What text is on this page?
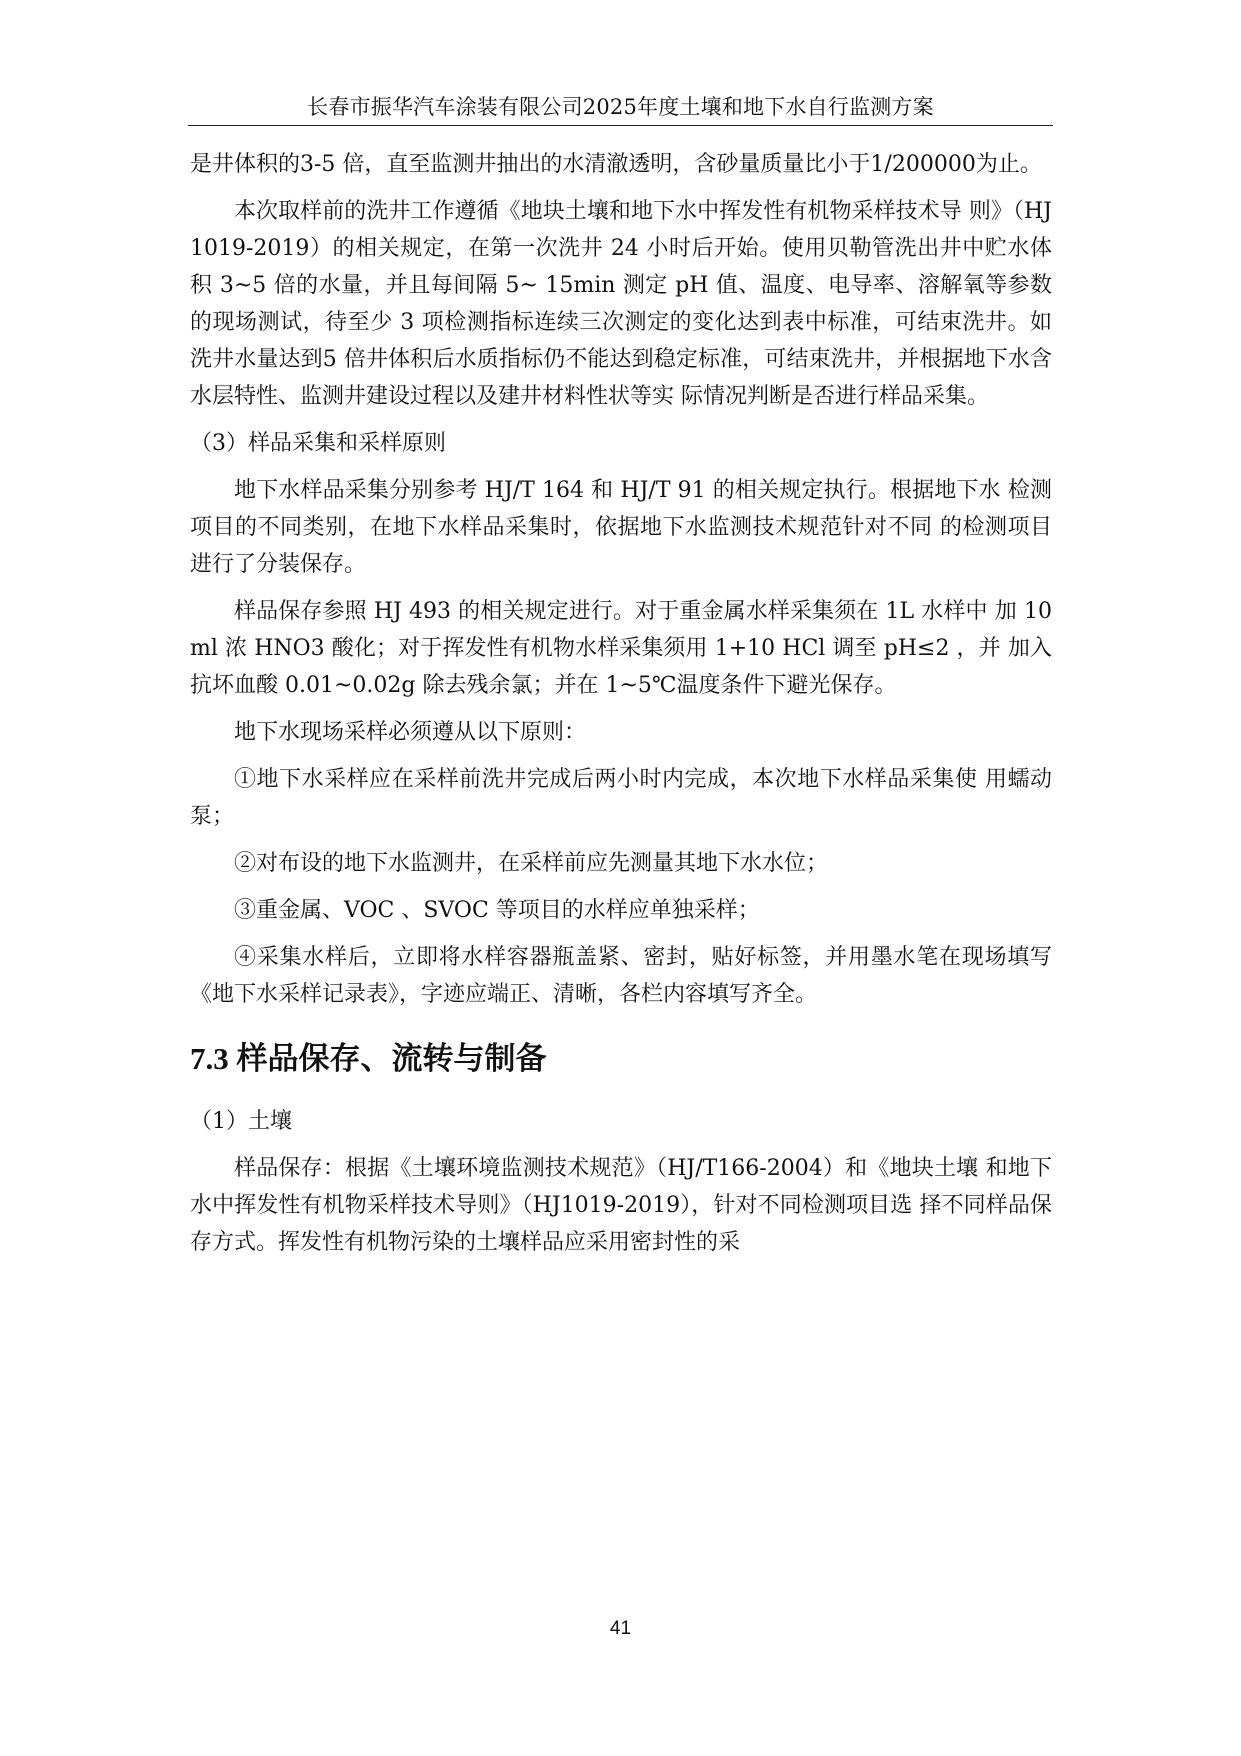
长春市振华汽车涂装有限公司2025年度土壤和地下水自行监测方案

是井体积的3-5 倍，直至监测井抽出的水清澈透明，含砂量质量比小于1/200000为止。

本次取样前的洗井工作遵循《地块土壤和地下水中挥发性有机物采样技术导 则》（HJ1019-2019）的相关规定，在第一次洗井 24 小时后开始。使用贝勒管洗出井中贮水体积 3~5 倍的水量，并且每间隔 5~ 15min 测定 pH 值、温度、电导率、溶解氧等参数的现场测试，待至少 3 项检测指标连续三次测定的变化达到表中标准，可结束洗井。如洗井水量达到5 倍井体积后水质指标仍不能达到稳定标准，可结束洗井，并根据地下水含水层特性、监测井建设过程以及建井材料性状等实 际情况判断是否进行样品采集。

（3）样品采集和采样原则

地下水样品采集分别参考 HJ/T 164 和 HJ/T 91 的相关规定执行。根据地下水 检测项目的不同类别，在地下水样品采集时，依据地下水监测技术规范针对不同 的检测项目进行了分装保存。

样品保存参照 HJ 493 的相关规定进行。对于重金属水样采集须在 1L 水样中 加 10ml 浓 HNO3 酸化；对于挥发性有机物水样采集须用 1+10 HCl 调至 pH≤2 ，并 加入抗坏血酸 0.01~0.02g 除去残余氯；并在 1~5℃温度条件下避光保存。

地下水现场采样必须遵从以下原则：

①地下水采样应在采样前洗井完成后两小时内完成，本次地下水样品采集使 用蠕动泵；

②对布设的地下水监测井，在采样前应先测量其地下水水位；

③重金属、VOC 、SVOC 等项目的水样应单独采样；

④采集水样后，立即将水样容器瓶盖紧、密封，贴好标签，并用墨水笔在现场填写《地下水采样记录表》，字迹应端正、清晰，各栏内容填写齐全。

7.3 样品保存、流转与制备

（1）土壤

样品保存：根据《土壤环境监测技术规范》（HJ/T166-2004）和《地块土壤 和地下水中挥发性有机物采样技术导则》（HJ1019-2019），针对不同检测项目选 择不同样品保存方式。挥发性有机物污染的土壤样品应采用密封性的采

41
